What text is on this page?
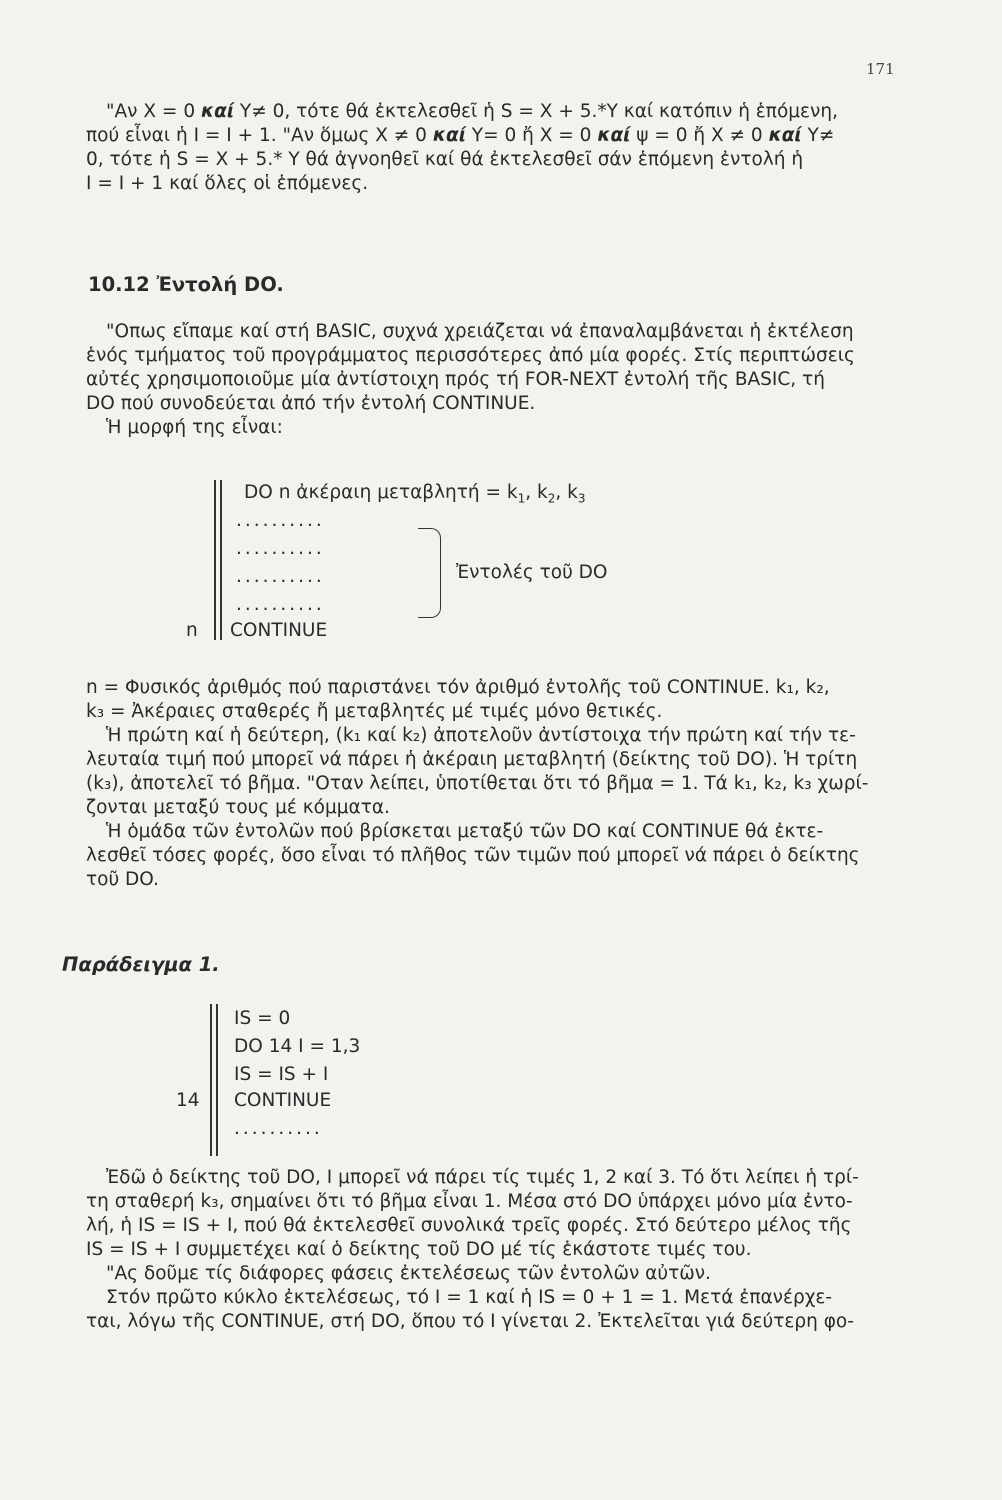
171
"Αν Χ = 0 καί Y≠ 0, τότε θά ἐκτελεσθεῖ ἡ S = X + 5.*Y καί κατόπιν ἡ ἑπόμενη,
πού εἶναι ἡ Ι = Ι + 1. "Αν ὅμως Χ ≠ 0 καί Υ= 0 ἤ Χ = 0 καί ψ = 0 ἤ Χ ≠ 0 καί Y≠
0, τότε ἡ S = X + 5.* Y θά ἀγνοηθεῖ καί θά ἐκτελεσθεῖ σάν ἑπόμενη ἐντολή ἡ
Ι = Ι + 1 καί ὅλες οἱ ἑπόμενες.
10.12 Ἐντολή DO.
"Οπως εἴπαμε καί στή BASIC, συχνά χρειάζεται νά ἐπαναλαμβάνεται ἡ ἐκτέλεση
ἑνός τμήματος τοῦ προγράμματος περισσότερες ἀπό μία φορές. Στίς περιπτώσεις
αὐτές χρησιμοποιοῦμε μία ἀντίστοιχη πρός τή FOR-NEXT ἐντολή τῆς BASIC, τή
DO πού συνοδεύεται ἀπό τήν ἐντολή CONTINUE.
Ἡ μορφή της εἶναι:
DO n ἀκέραιη $\mu\varepsilon\tau\alpha\beta\lambda\eta\tau ή = k_1$, $k_2$, $k_3$
..........
..........
..........
..........
Ἐντολές τοῦ DO
n CONTINUE
n = Φυσικός ἀριθμός πού παριστάνει τόν ἀριθμό ἐντολῆς τοῦ CONTINUE. k₁, k₂,
k₃ = Ἀκέραιες σταθερές ἤ μεταβλητές μέ τιμές μόνο θετικές.
Ἡ πρώτη καί ἡ δεύτερη, (k₁ καί k₂) ἀποτελοῦν ἀντίστοιχα τήν πρώτη καί τήν τε-
λευταία τιμή πού μπορεῖ νά πάρει ἡ ἀκέραιη μεταβλητή (δείκτης τοῦ DO). Ἡ τρίτη
(k₃), ἀποτελεῖ τό βῆμα. "Οταν λείπει, ὑποτίθεται ὅτι τό βῆμα = 1. Τά k₁, k₂, k₃ χωρί-
ζονται μεταξύ τους μέ κόμματα.
Ἡ ὁμάδα τῶν ἐντολῶν πού βρίσκεται μεταξύ τῶν DO καί CONTINUE θά ἐκτε-
λεσθεῖ τόσες φορές, ὅσο εἶναι τό πλῆθος τῶν τιμῶν πού μπορεῖ νά πάρει ὁ δείκτης
τοῦ DO.
Παράδειγμα 1.
IS = 0
DO 14 I = 1,3
IS = IS + I
14 CONTINUE
..........
Ἐδῶ ὁ δείκτης τοῦ DO, I μπορεῖ νά πάρει τίς τιμές 1, 2 καί 3. Τό ὅτι λείπει ἡ τρί-
τη σταθερή k₃, σημαίνει ὅτι τό βῆμα εἶναι 1. Μέσα στό DO ὑπάρχει μόνο μία ἐντο-
λή, ἡ IS = IS + I, πού θά ἐκτελεσθεῖ συνολικά τρεῖς φορές. Στό δεύτερο μέλος τῆς
IS = IS + I συμμετέχει καί ὁ δείκτης τοῦ DO μέ τίς ἑκάστοτε τιμές του.
"Ας δοῦμε τίς διάφορες φάσεις ἐκτελέσεως τῶν ἐντολῶν αὐτῶν.
Στόν πρῶτο κύκλο ἐκτελέσεως, τό I = 1 καί ἡ IS = 0 + 1 = 1. Μετά ἐπανέρχε-
ται, λόγω τῆς CONTINUE, στή DO, ὅπου τό I γίνεται 2. Ἐκτελεῖται γιά δεύτερη φο-
